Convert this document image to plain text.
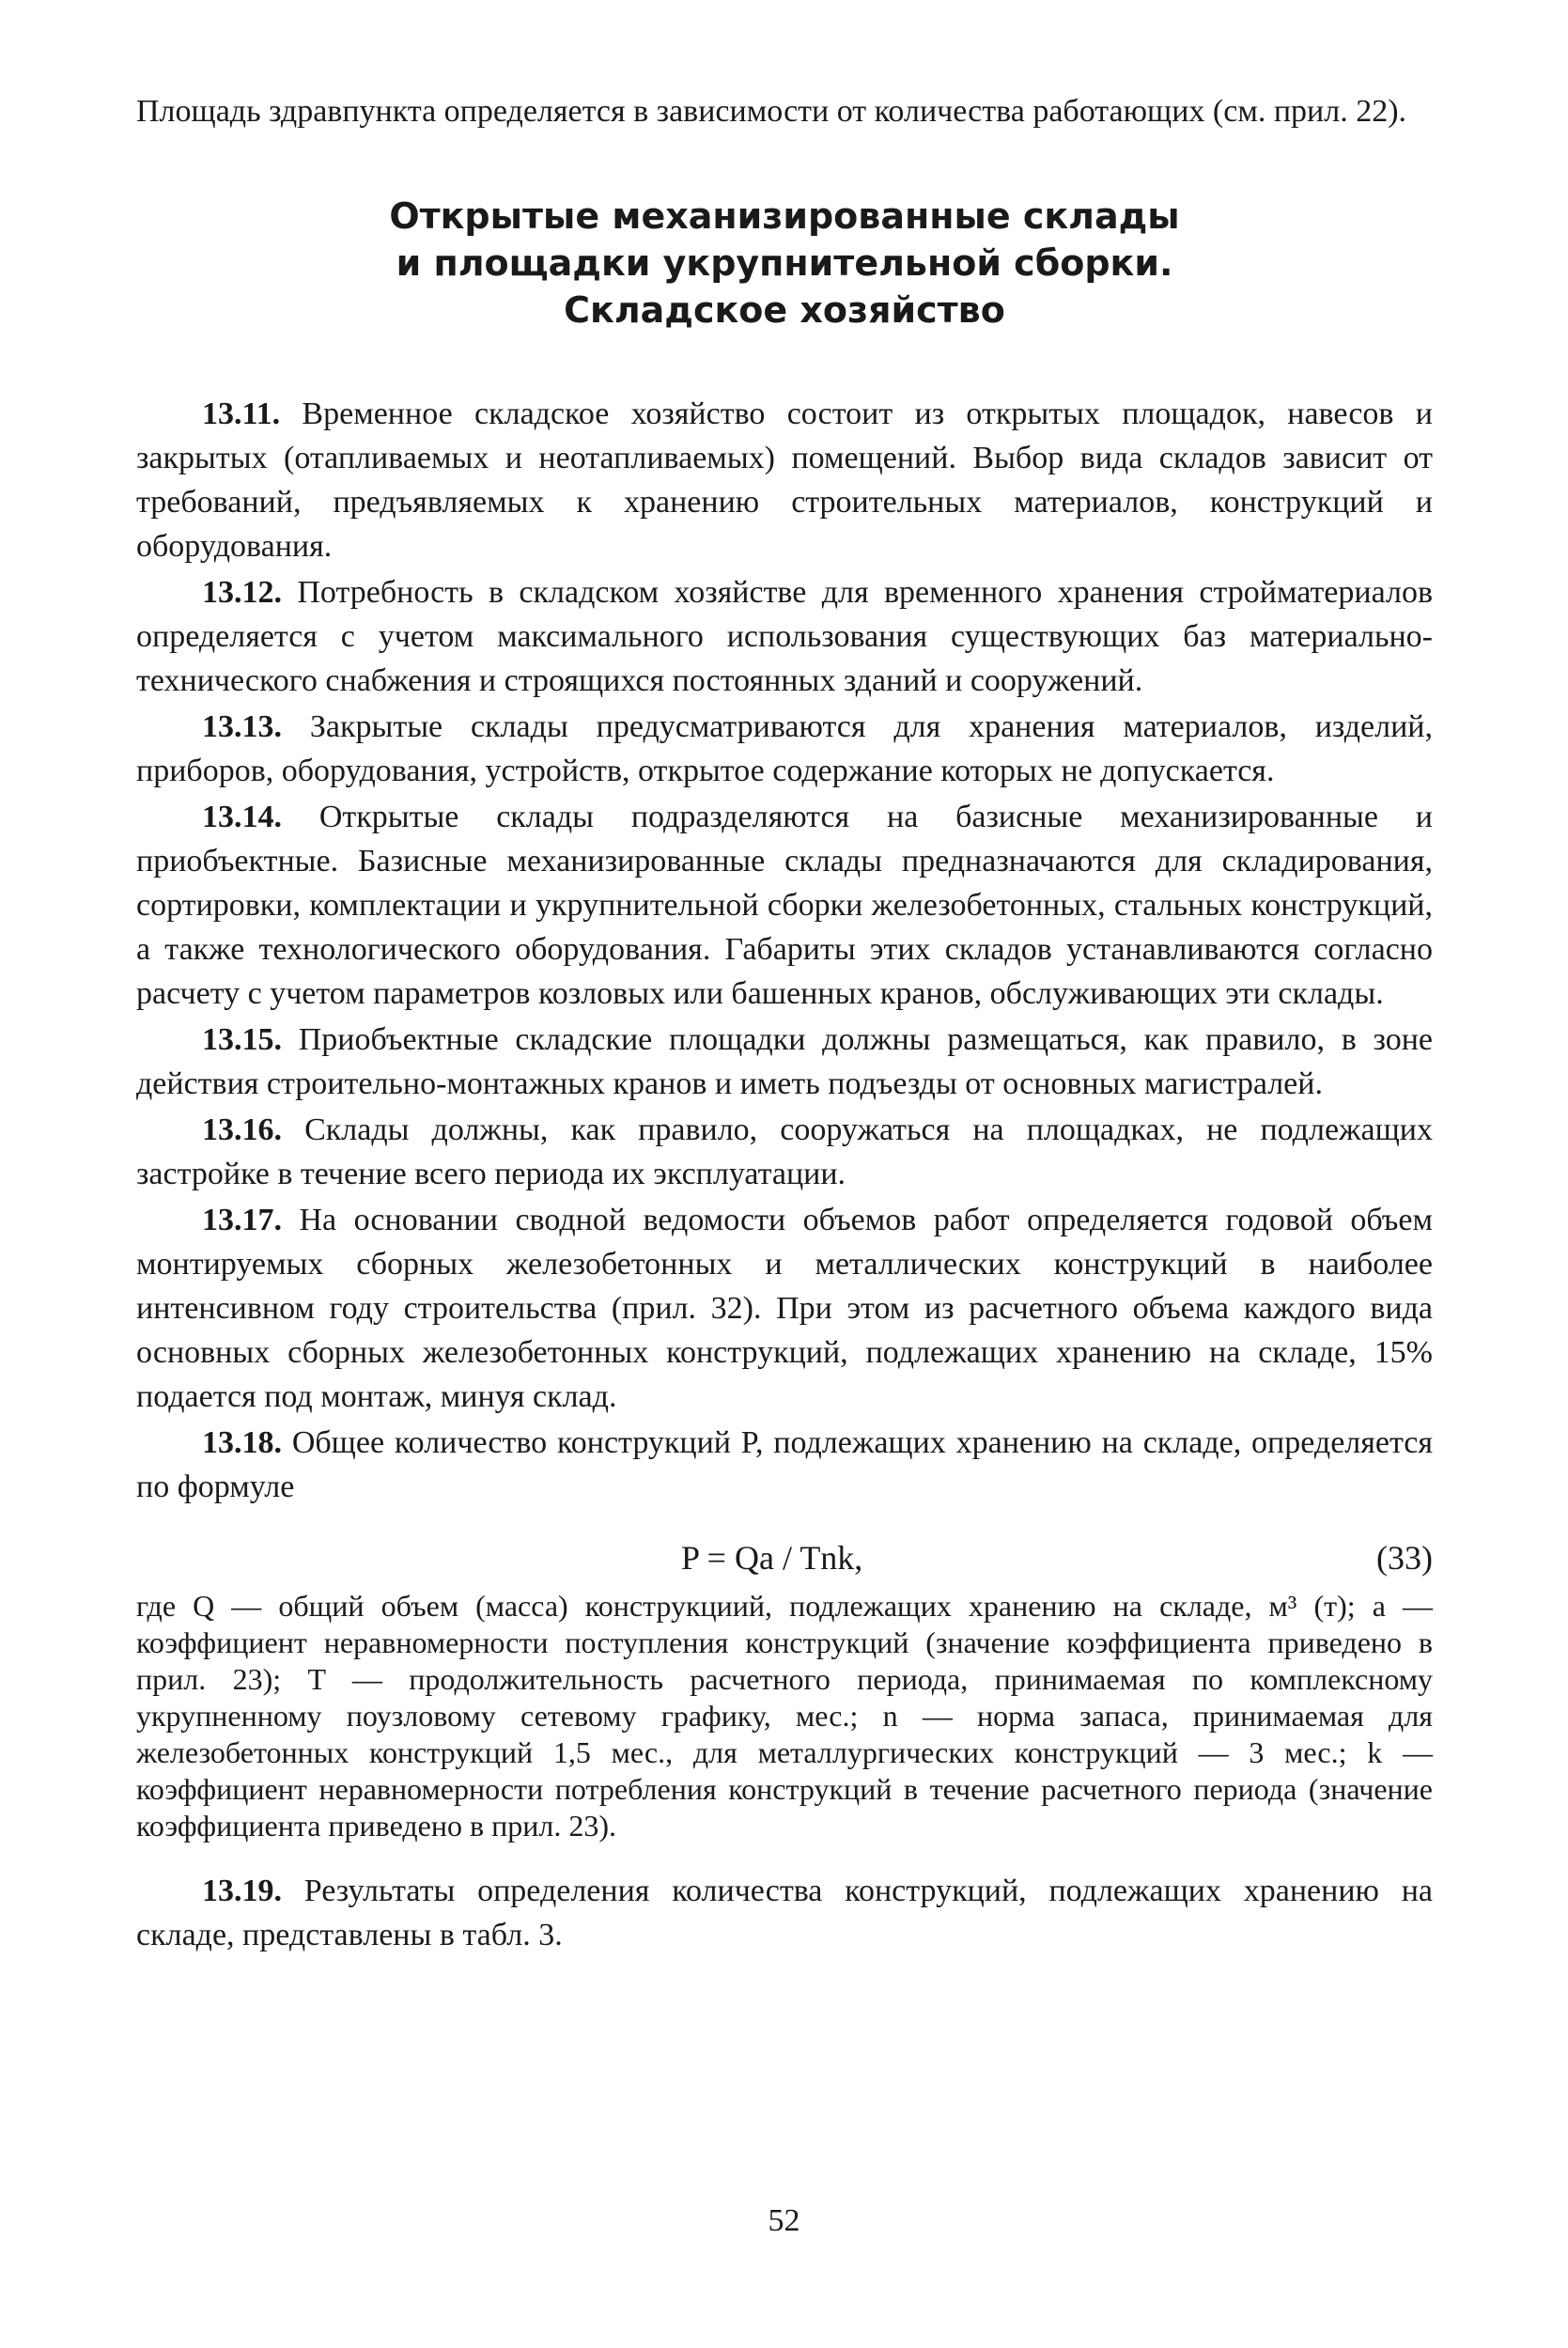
Площадь здравпункта определяется в зависимости от количества работающих (см. прил. 22).

Открытые механизированные склады
и площадки укрупнительной сборки.
Складское хозяйство

13.11. Временное складское хозяйство состоит из открытых площадок, навесов и закрытых (отапливаемых и неотапливаемых) помещений. Выбор вида складов зависит от требований, предъявляемых к хранению строительных материалов, конструкций и оборудования.

13.12. Потребность в складском хозяйстве для временного хранения стройматериалов определяется с учетом максимального использования существующих баз материально-технического снабжения и строящихся постоянных зданий и сооружений.

13.13. Закрытые склады предусматриваются для хранения материалов, изделий, приборов, оборудования, устройств, открытое содержание которых не допускается.

13.14. Открытые склады подразделяются на базисные механизированные и приобъектные. Базисные механизированные склады предназначаются для складирования, сортировки, комплектации и укрупнительной сборки железобетонных, стальных конструкций, а также технологического оборудования. Габариты этих складов устанавливаются согласно расчету с учетом параметров козловых или башенных кранов, обслуживающих эти склады.

13.15. Приобъектные складские площадки должны размещаться, как правило, в зоне действия строительно-монтажных кранов и иметь подъезды от основных магистралей.

13.16. Склады должны, как правило, сооружаться на площадках, не подлежащих застройке в течение всего периода их эксплуатации.

13.17. На основании сводной ведомости объемов работ определяется годовой объем монтируемых сборных железобетонных и металлических конструкций в наиболее интенсивном году строительства (прил. 32). При этом из расчетного объема каждого вида основных сборных железобетонных конструкций, подлежащих хранению на складе, 15% подается под монтаж, минуя склад.

13.18. Общее количество конструкций P, подлежащих хранению на складе, определяется по формуле

P = Qa / Tnk,	(33)

где Q — общий объем (масса) конструкциий, подлежащих хранению на складе, м³ (т); a — коэффициент неравномерности поступления конструкций (значение коэффициента приведено в прил. 23); T — продолжительность расчетного периода, принимаемая по комплексному укрупненному поузловому сетевому графику, мес.; n — норма запаса, принимаемая для железобетонных конструкций 1,5 мес., для металлургических конструкций — 3 мес.; k — коэффициент неравномерности потребления конструкций в течение расчетного периода (значение коэффициента приведено в прил. 23).

13.19. Результаты определения количества конструкций, подлежащих хранению на складе, представлены в табл. 3.

52
